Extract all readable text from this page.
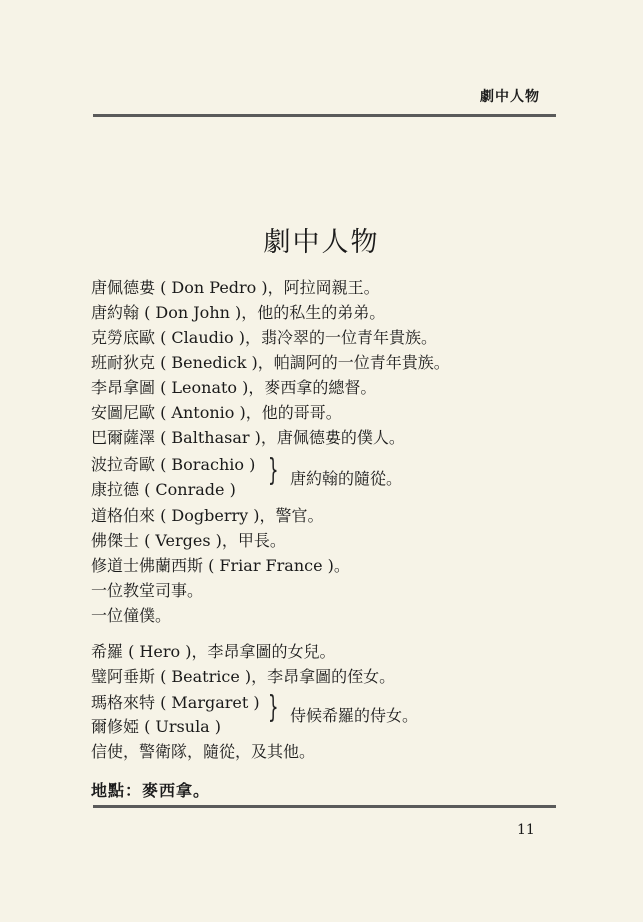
劇中人物
劇中人物
唐佩德婁 ( Don Pedro )，阿拉岡親王。
唐約翰 ( Don John )，他的私生的弟弟。
克勞底歐 ( Claudio )，翡冷翠的一位青年貴族。
班耐狄克 ( Benedick )，帕調阿的一位青年貴族。
李昂拿圖 ( Leonato )，麥西拿的總督。
安圖尼歐 ( Antonio )，他的哥哥。
巴爾薩澤 ( Balthasar )，唐佩德婁的僕人。
波拉奇歐 ( Borachio )
康拉德 ( Conrade )
} 唐約翰的隨從。
道格伯來 ( Dogberry )，警官。
佛傑士 ( Verges )，甲長。
修道士佛蘭西斯 ( Friar France )。
一位教堂司事。
一位僮僕。
希羅 ( Hero )，李昂拿圖的女兒。
璧阿垂斯 ( Beatrice )，李昂拿圖的侄女。
瑪格來特 ( Margaret )
爾修婭 ( Ursula )
} 侍候希羅的侍女。
信使，警衛隊，隨從，及其他。
地點：麥西拿。
11
